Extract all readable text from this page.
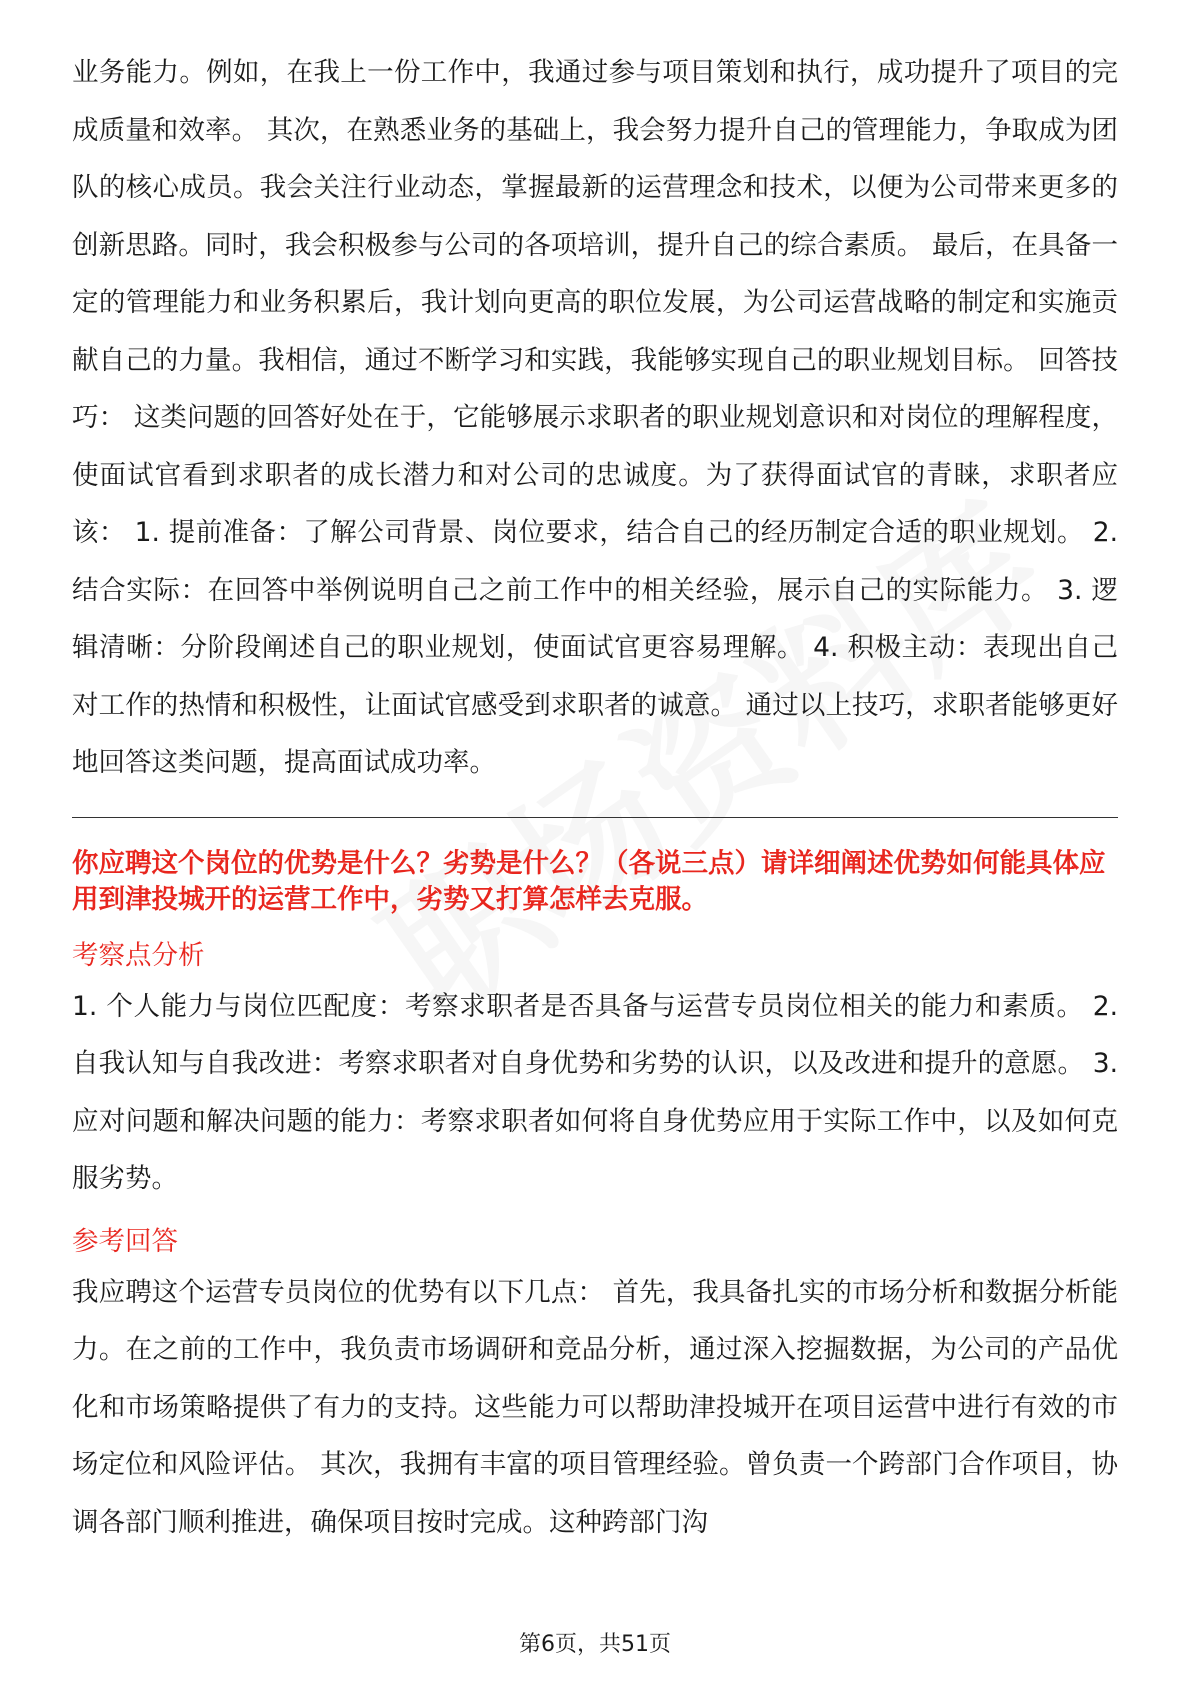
业务能力。例如，在我上一份工作中，我通过参与项目策划和执行，成功提升了项目的完成质量和效率。 其次，在熟悉业务的基础上，我会努力提升自己的管理能力，争取成为团队的核心成员。我会关注行业动态，掌握最新的运营理念和技术，以便为公司带来更多的创新思路。同时，我会积极参与公司的各项培训，提升自己的综合素质。 最后，在具备一定的管理能力和业务积累后，我计划向更高的职位发展，为公司运营战略的制定和实施贡献自己的力量。我相信，通过不断学习和实践，我能够实现自己的职业规划目标。 回答技巧： 这类问题的回答好处在于，它能够展示求职者的职业规划意识和对岗位的理解程度，使面试官看到求职者的成长潜力和对公司的忠诚度。为了获得面试官的青睐，求职者应该： 1. 提前准备：了解公司背景、岗位要求，结合自己的经历制定合适的职业规划。 2. 结合实际：在回答中举例说明自己之前工作中的相关经验，展示自己的实际能力。 3. 逻辑清晰：分阶段阐述自己的职业规划，使面试官更容易理解。 4. 积极主动：表现出自己对工作的热情和积极性，让面试官感受到求职者的诚意。 通过以上技巧，求职者能够更好地回答这类问题，提高面试成功率。

你应聘这个岗位的优势是什么？劣势是什么？（各说三点）请详细阐述优势如何能具体应用到津投城开的运营工作中，劣势又打算怎样去克服。

考察点分析

1. 个人能力与岗位匹配度：考察求职者是否具备与运营专员岗位相关的能力和素质。 2. 自我认知与自我改进：考察求职者对自身优势和劣势的认识，以及改进和提升的意愿。 3. 应对问题和解决问题的能力：考察求职者如何将自身优势应用于实际工作中，以及如何克服劣势。

参考回答

我应聘这个运营专员岗位的优势有以下几点： 首先，我具备扎实的市场分析和数据分析能力。在之前的工作中，我负责市场调研和竞品分析，通过深入挖掘数据，为公司的产品优化和市场策略提供了有力的支持。这些能力可以帮助津投城开在项目运营中进行有效的市场定位和风险评估。 其次，我拥有丰富的项目管理经验。曾负责一个跨部门合作项目，协调各部门顺利推进，确保项目按时完成。这种跨部门沟

第6页，共51页
